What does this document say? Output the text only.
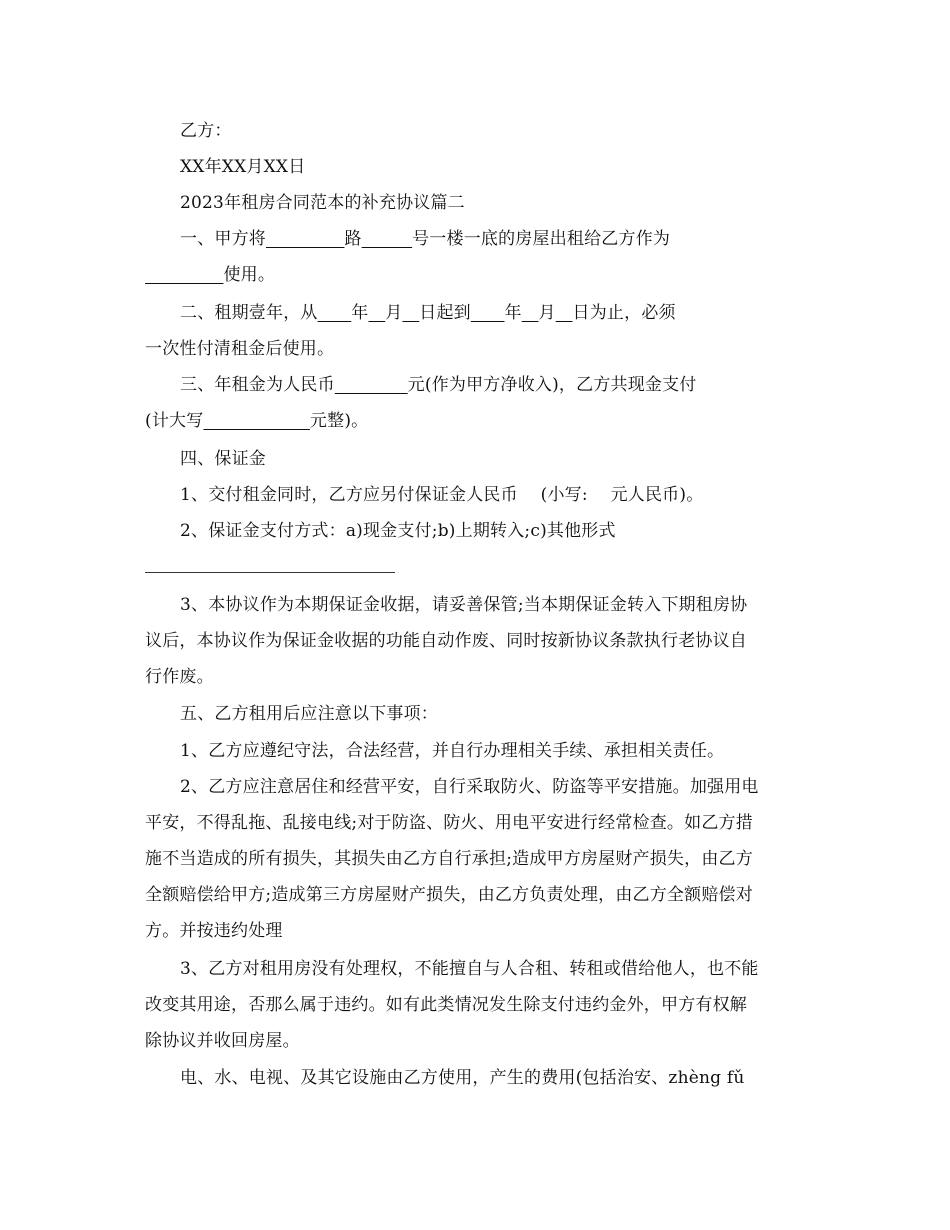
乙方：
XX年XX月XX日
2023年租房合同范本的补充协议篇二
一、甲方将	路	号一楼一底的房屋出租给乙方作为
使用。
二、租期壹年，从 年 月 日起到 年 月 日为止，必须
一次性付清租金后使用。
三、年租金为人民币	元(作为甲方净收入)，乙方共现金支付
(计大写	元整)。
四、保证金
1、交付租金同时，乙方应另付保证金人民币　 (小写:　 元人民币)。
2、保证金支付方式：a)现金支付;b)上期转入;c)其他形式
3、本协议作为本期保证金收据，请妥善保管;当本期保证金转入下期租房协
议后，本协议作为保证金收据的功能自动作废、同时按新协议条款执行老协议自
行作废。
五、乙方租用后应注意以下事项：
1、乙方应遵纪守法，合法经营，并自行办理相关手续、承担相关责任。
2、乙方应注意居住和经营平安，自行采取防火、防盗等平安措施。加强用电
平安，不得乱拖、乱接电线;对于防盗、防火、用电平安进行经常检查。如乙方措
施不当造成的所有损失，其损失由乙方自行承担;造成甲方房屋财产损失，由乙方
全额赔偿给甲方;造成第三方房屋财产损失，由乙方负责处理，由乙方全额赔偿对
方。并按违约处理
3、乙方对租用房没有处理权，不能擅自与人合租、转租或借给他人，也不能
改变其用途，否那么属于违约。如有此类情况发生除支付违约金外，甲方有权解
除协议并收回房屋。
电、水、电视、及其它设施由乙方使用，产生的费用(包括治安、zhèng fǔ
